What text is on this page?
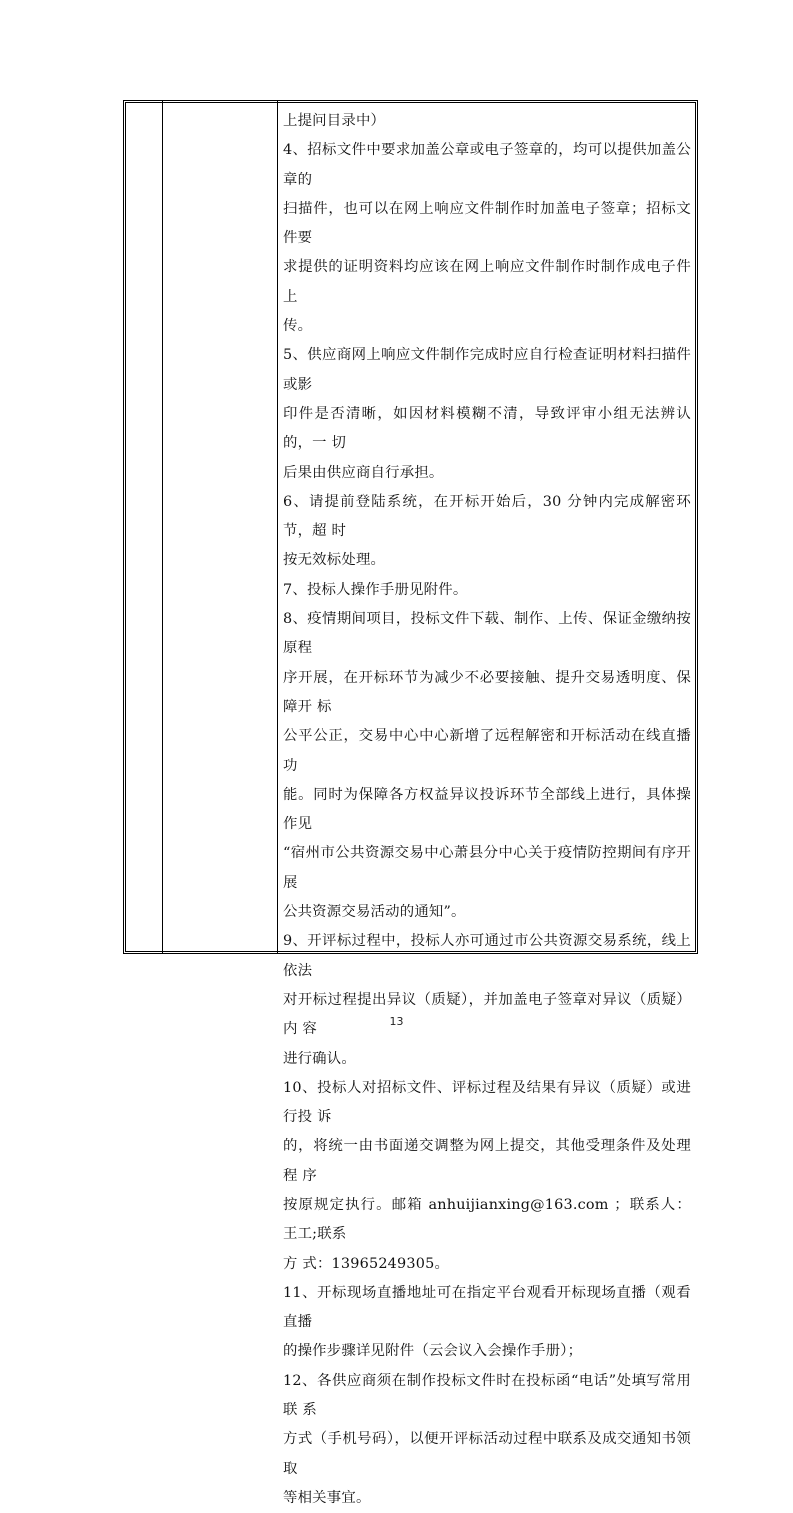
上提问目录中）

4、招标文件中要求加盖公章或电子签章的，均可以提供加盖公章的
扫描件，也可以在网上响应文件制作时加盖电子签章；招标文件要
求提供的证明资料均应该在网上响应文件制作时制作成电子件上
传。

5、供应商网上响应文件制作完成时应自行检查证明材料扫描件或影
印件是否清晰，如因材料模糊不清，导致评审小组无法辨认的，一 切
后果由供应商自行承担。

6、请提前登陆系统，在开标开始后，30 分钟内完成解密环节，超 时
按无效标处理。

7、投标人操作手册见附件。

8、疫情期间项目，投标文件下载、制作、上传、保证金缴纳按原程
序开展，在开标环节为减少不必要接触、提升交易透明度、保障开 标
公平公正，交易中心中心新增了远程解密和开标活动在线直播功
能。同时为保障各方权益异议投诉环节全部线上进行，具体操作见
“宿州市公共资源交易中心萧县分中心关于疫情防控期间有序开展
公共资源交易活动的通知”。

9、开评标过程中，投标人亦可通过市公共资源交易系统，线上依法
对开标过程提出异议（质疑），并加盖电子签章对异议（质疑）内 容
进行确认。

10、投标人对招标文件、评标过程及结果有异议（质疑）或进行投 诉
的，将统一由书面递交调整为网上提交，其他受理条件及处理程 序
按原规定执行。邮箱 anhuijianxing@163.com ；联系人：王工;联系
方 式：13965249305。

11、开标现场直播地址可在指定平台观看开标现场直播（观看直播
的操作步骤详见附件（云会议入会操作手册）；

12、各供应商须在制作投标文件时在投标函“电话”处填写常用联 系
方式（手机号码），以便开评标活动过程中联系及成交通知书领取
等相关事宜。

13
